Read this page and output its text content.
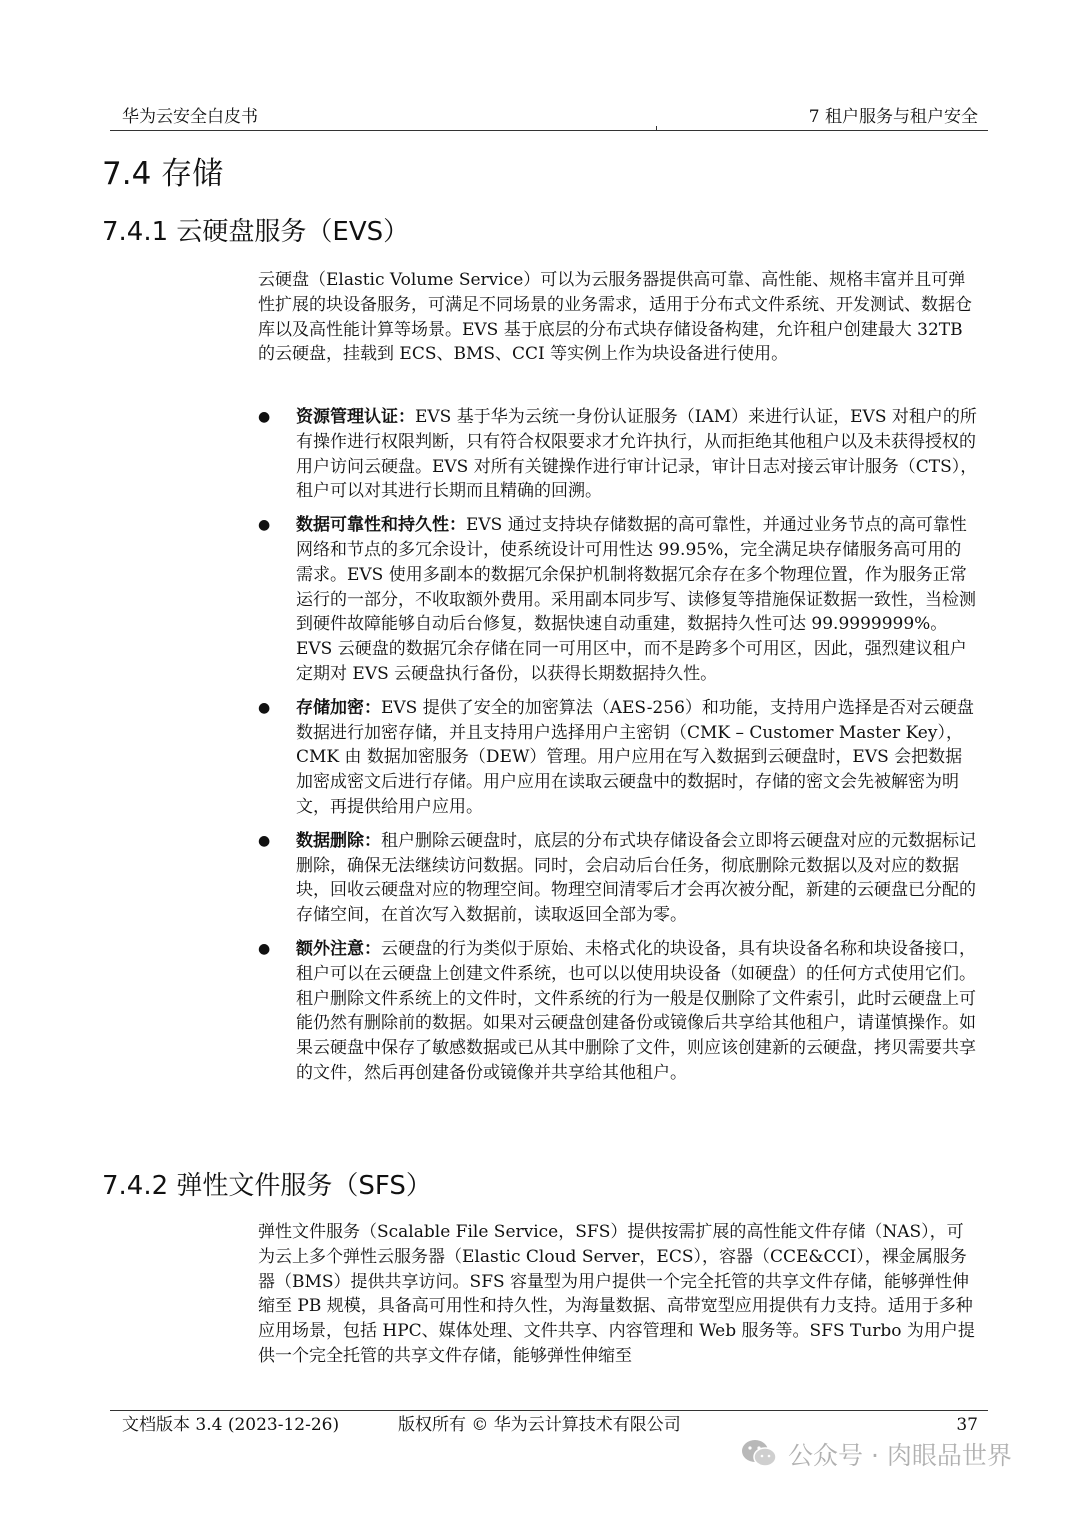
华为云安全白皮书	7 租户服务与租户安全
7.4 存储
7.4.1 云硬盘服务（EVS）

云硬盘（Elastic Volume Service）可以为云服务器提供高可靠、高性能、规格丰富并且可弹性扩展的块设备服务，可满足不同场景的业务需求，适用于分布式文件系统、开发测试、数据仓库以及高性能计算等场景。EVS 基于底层的分布式块存储设备构建，允许租户创建最大 32TB 的云硬盘，挂载到 ECS、BMS、CCI 等实例上作为块设备进行使用。

● 资源管理认证：EVS 基于华为云统一身份认证服务（IAM）来进行认证，EVS 对租户的所有操作进行权限判断，只有符合权限要求才允许执行，从而拒绝其他租户以及未获得授权的用户访问云硬盘。EVS 对所有关键操作进行审计记录，审计日志对接云审计服务（CTS），租户可以对其进行长期而且精确的回溯。
● 数据可靠性和持久性：EVS 通过支持块存储数据的高可靠性，并通过业务节点的高可靠性网络和节点的多冗余设计，使系统设计可用性达 99.95%，完全满足块存储服务高可用的需求。EVS 使用多副本的数据冗余保护机制将数据冗余存在多个物理位置，作为服务正常运行的一部分，不收取额外费用。采用副本同步写、读修复等措施保证数据一致性，当检测到硬件故障能够自动后台修复，数据快速自动重建，数据持久性可达 99.9999999%。EVS 云硬盘的数据冗余存储在同一可用区中，而不是跨多个可用区，因此，强烈建议租户定期对 EVS 云硬盘执行备份，以获得长期数据持久性。
● 存储加密：EVS 提供了安全的加密算法（AES-256）和功能，支持用户选择是否对云硬盘数据进行加密存储，并且支持用户选择用户主密钥（CMK – Customer Master Key），CMK 由 数据加密服务（DEW）管理。用户应用在写入数据到云硬盘时，EVS 会把数据加密成密文后进行存储。用户应用在读取云硬盘中的数据时，存储的密文会先被解密为明文，再提供给用户应用。
● 数据删除：租户删除云硬盘时，底层的分布式块存储设备会立即将云硬盘对应的元数据标记删除，确保无法继续访问数据。同时，会启动后台任务，彻底删除元数据以及对应的数据块，回收云硬盘对应的物理空间。物理空间清零后才会再次被分配，新建的云硬盘已分配的存储空间，在首次写入数据前，读取返回全部为零。
● 额外注意：云硬盘的行为类似于原始、未格式化的块设备，具有块设备名称和块设备接口，租户可以在云硬盘上创建文件系统，也可以以使用块设备（如硬盘）的任何方式使用它们。租户删除文件系统上的文件时，文件系统的行为一般是仅删除了文件索引，此时云硬盘上可能仍然有删除前的数据。如果对云硬盘创建备份或镜像后共享给其他租户，请谨慎操作。如果云硬盘中保存了敏感数据或已从其中删除了文件，则应该创建新的云硬盘，拷贝需要共享的文件，然后再创建备份或镜像并共享给其他租户。
7.4.2 弹性文件服务（SFS）

弹性文件服务（Scalable File Service，SFS）提供按需扩展的高性能文件存储（NAS），可为云上多个弹性云服务器（Elastic Cloud Server，ECS），容器（CCE&CCI），裸金属服务器（BMS）提供共享访问。SFS 容量型为用户提供一个完全托管的共享文件存储，能够弹性伸缩至 PB 规模，具备高可用性和持久性，为海量数据、高带宽型应用提供有力支持。适用于多种应用场景，包括 HPC、媒体处理、文件共享、内容管理和 Web 服务等。SFS Turbo 为用户提供一个完全托管的共享文件存储，能够弹性伸缩至

文档版本 3.4 (2023-12-26)	版权所有 © 华为云计算技术有限公司	37
公众号 · 肉眼品世界
